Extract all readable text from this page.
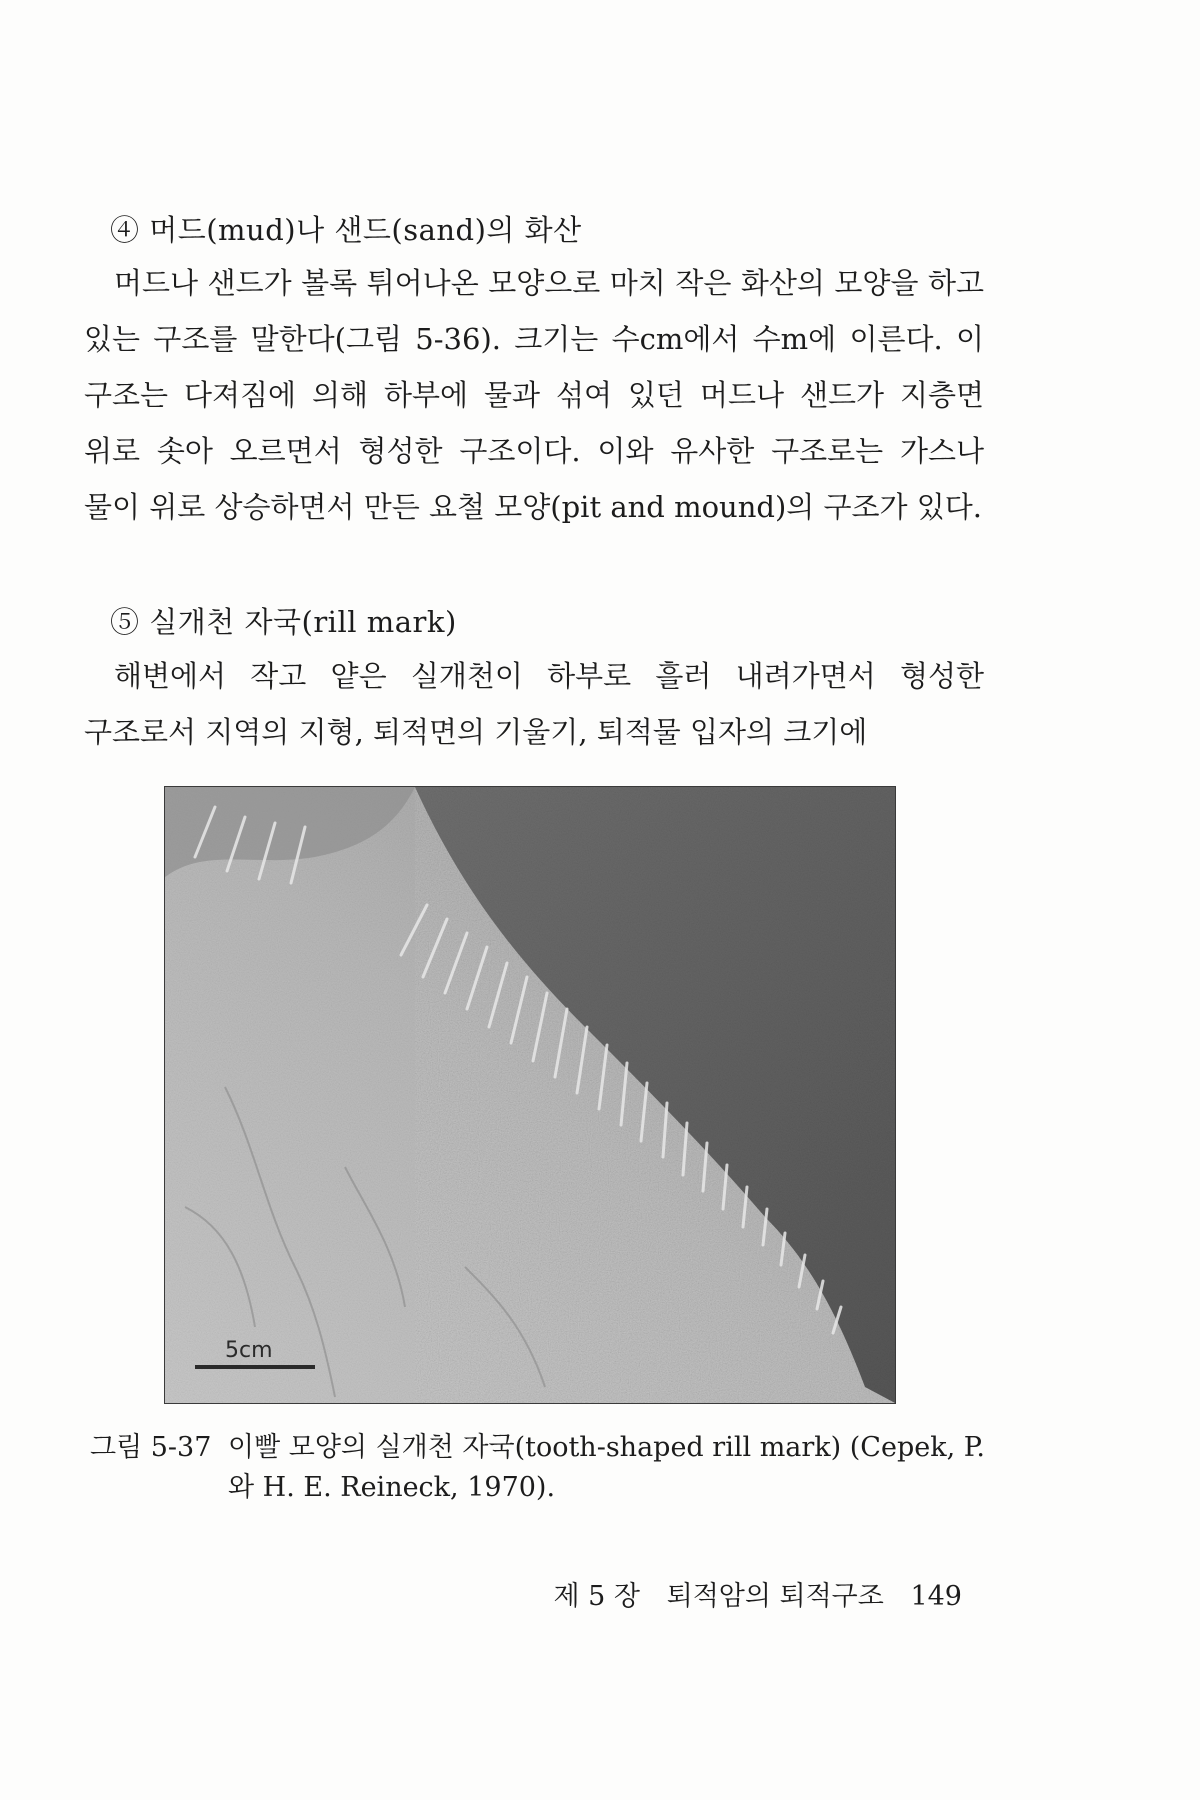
④ 머드(mud)나 샌드(sand)의 화산

머드나 샌드가 볼록 튀어나온 모양으로 마치 작은 화산의 모양을 하고 있는 구조를 말한다(그림 5-36). 크기는 수cm에서 수m에 이른다. 이 구조는 다져짐에 의해 하부에 물과 섞여 있던 머드나 샌드가 지층면 위로 솟아 오르면서 형성한 구조이다. 이와 유사한 구조로는 가스나 물이 위로 상승하면서 만든 요철 모양(pit and mound)의 구조가 있다.

⑤ 실개천 자국(rill mark)

해변에서 작고 얕은 실개천이 하부로 흘러 내려가면서 형성한 구조로서 지역의 지형, 퇴적면의 기울기, 퇴적물 입자의 크기에

5cm
그림 5-37 이빨 모양의 실개천 자국(tooth-shaped rill mark) (Cepek, P. 와 H. E. Reineck, 1970).
제 5 장 퇴적암의 퇴적구조 149
